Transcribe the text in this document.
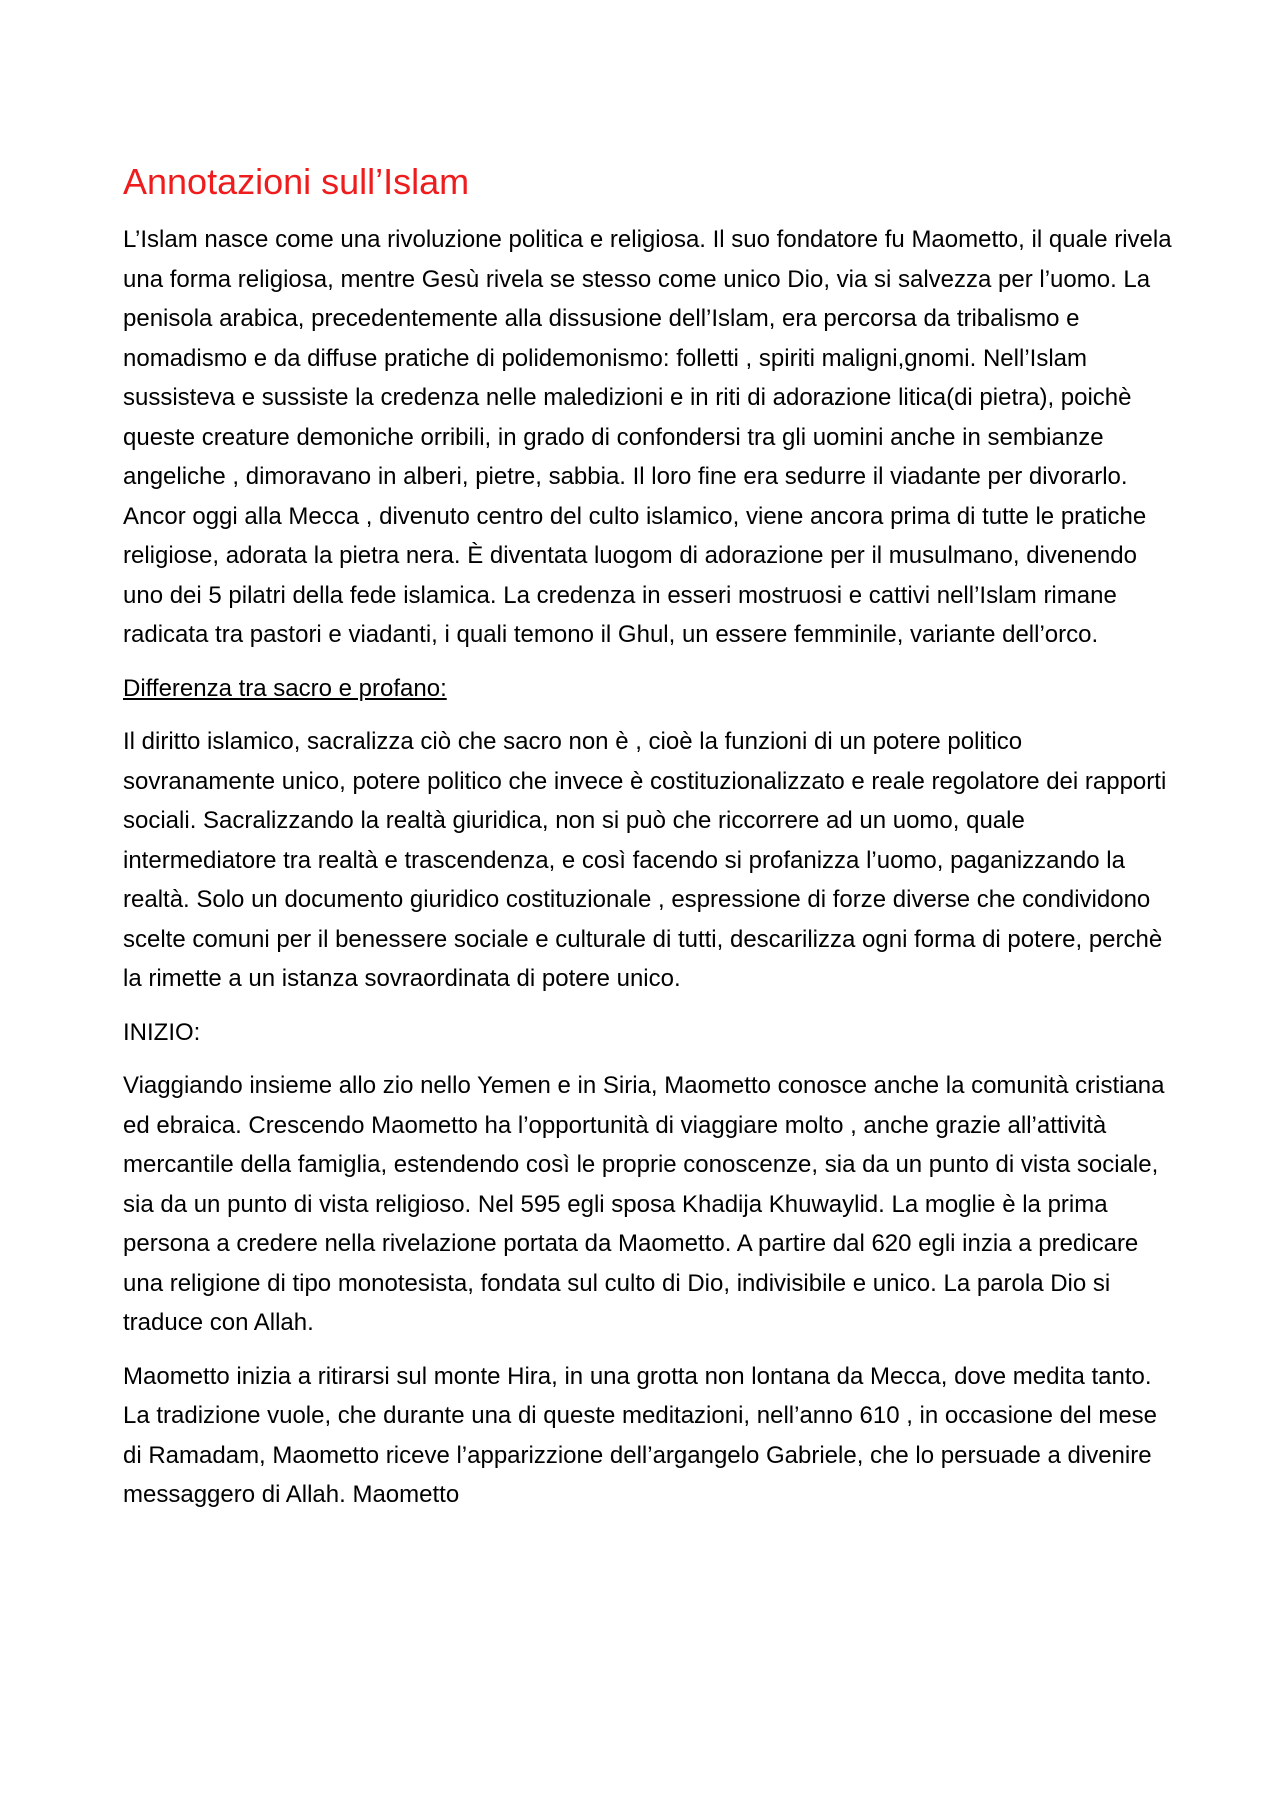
Annotazioni sull’Islam

L’Islam nasce come una rivoluzione politica e religiosa. Il suo fondatore fu Maometto, il quale rivela una forma religiosa, mentre Gesù rivela se stesso come unico Dio, via si salvezza per l’uomo. La penisola arabica, precedentemente alla dissusione dell’Islam, era percorsa da tribalismo e nomadismo e da diffuse pratiche di polidemonismo: folletti , spiriti maligni,gnomi. Nell’Islam sussisteva e sussiste la credenza nelle maledizioni e in riti di adorazione litica(di pietra), poichè queste creature demoniche orribili, in grado di confondersi tra gli uomini anche in sembianze angeliche , dimoravano in alberi, pietre, sabbia. Il loro fine era sedurre il viadante per divorarlo. Ancor oggi alla Mecca , divenuto centro del culto islamico, viene ancora prima di tutte le pratiche religiose, adorata la pietra nera. È diventata luogom di adorazione per il musulmano, divenendo uno dei 5 pilatri della fede islamica. La credenza in esseri mostruosi e cattivi nell’Islam rimane radicata tra pastori e viadanti, i quali temono il Ghul, un essere femminile, variante dell’orco.

Differenza tra sacro e profano:

Il diritto islamico, sacralizza ciò che sacro non è , cioè la funzioni di un potere politico sovranamente unico, potere politico che invece è costituzionalizzato e reale regolatore dei rapporti sociali. Sacralizzando la realtà giuridica, non si può che riccorrere ad un uomo, quale intermediatore tra realtà e trascendenza, e così facendo si profanizza l’uomo, paganizzando la realtà. Solo un documento giuridico costituzionale , espressione di forze diverse che condividono scelte comuni per il benessere sociale e culturale di tutti, descarilizza ogni forma di potere, perchè la rimette a un istanza sovraordinata di potere unico.

INIZIO:

Viaggiando insieme allo zio nello Yemen e in Siria, Maometto conosce anche la comunità cristiana ed ebraica. Crescendo Maometto ha l’opportunità di viaggiare molto , anche grazie all’attività mercantile della famiglia, estendendo così le proprie conoscenze, sia da un punto di vista sociale, sia da un punto di vista religioso. Nel 595 egli sposa Khadija Khuwaylid. La moglie è la prima persona a credere nella rivelazione portata da Maometto. A partire dal 620 egli inzia a predicare una religione di tipo monotesista, fondata sul culto di Dio, indivisibile e unico. La parola Dio si traduce con Allah.

Maometto inizia a ritirarsi sul monte Hira, in una grotta non lontana da Mecca, dove medita tanto. La tradizione vuole, che durante una di queste meditazioni, nell’anno 610 , in occasione del mese di Ramadam, Maometto riceve l’apparizzione dell’argangelo Gabriele, che lo persuade a divenire messaggero di Allah. Maometto
